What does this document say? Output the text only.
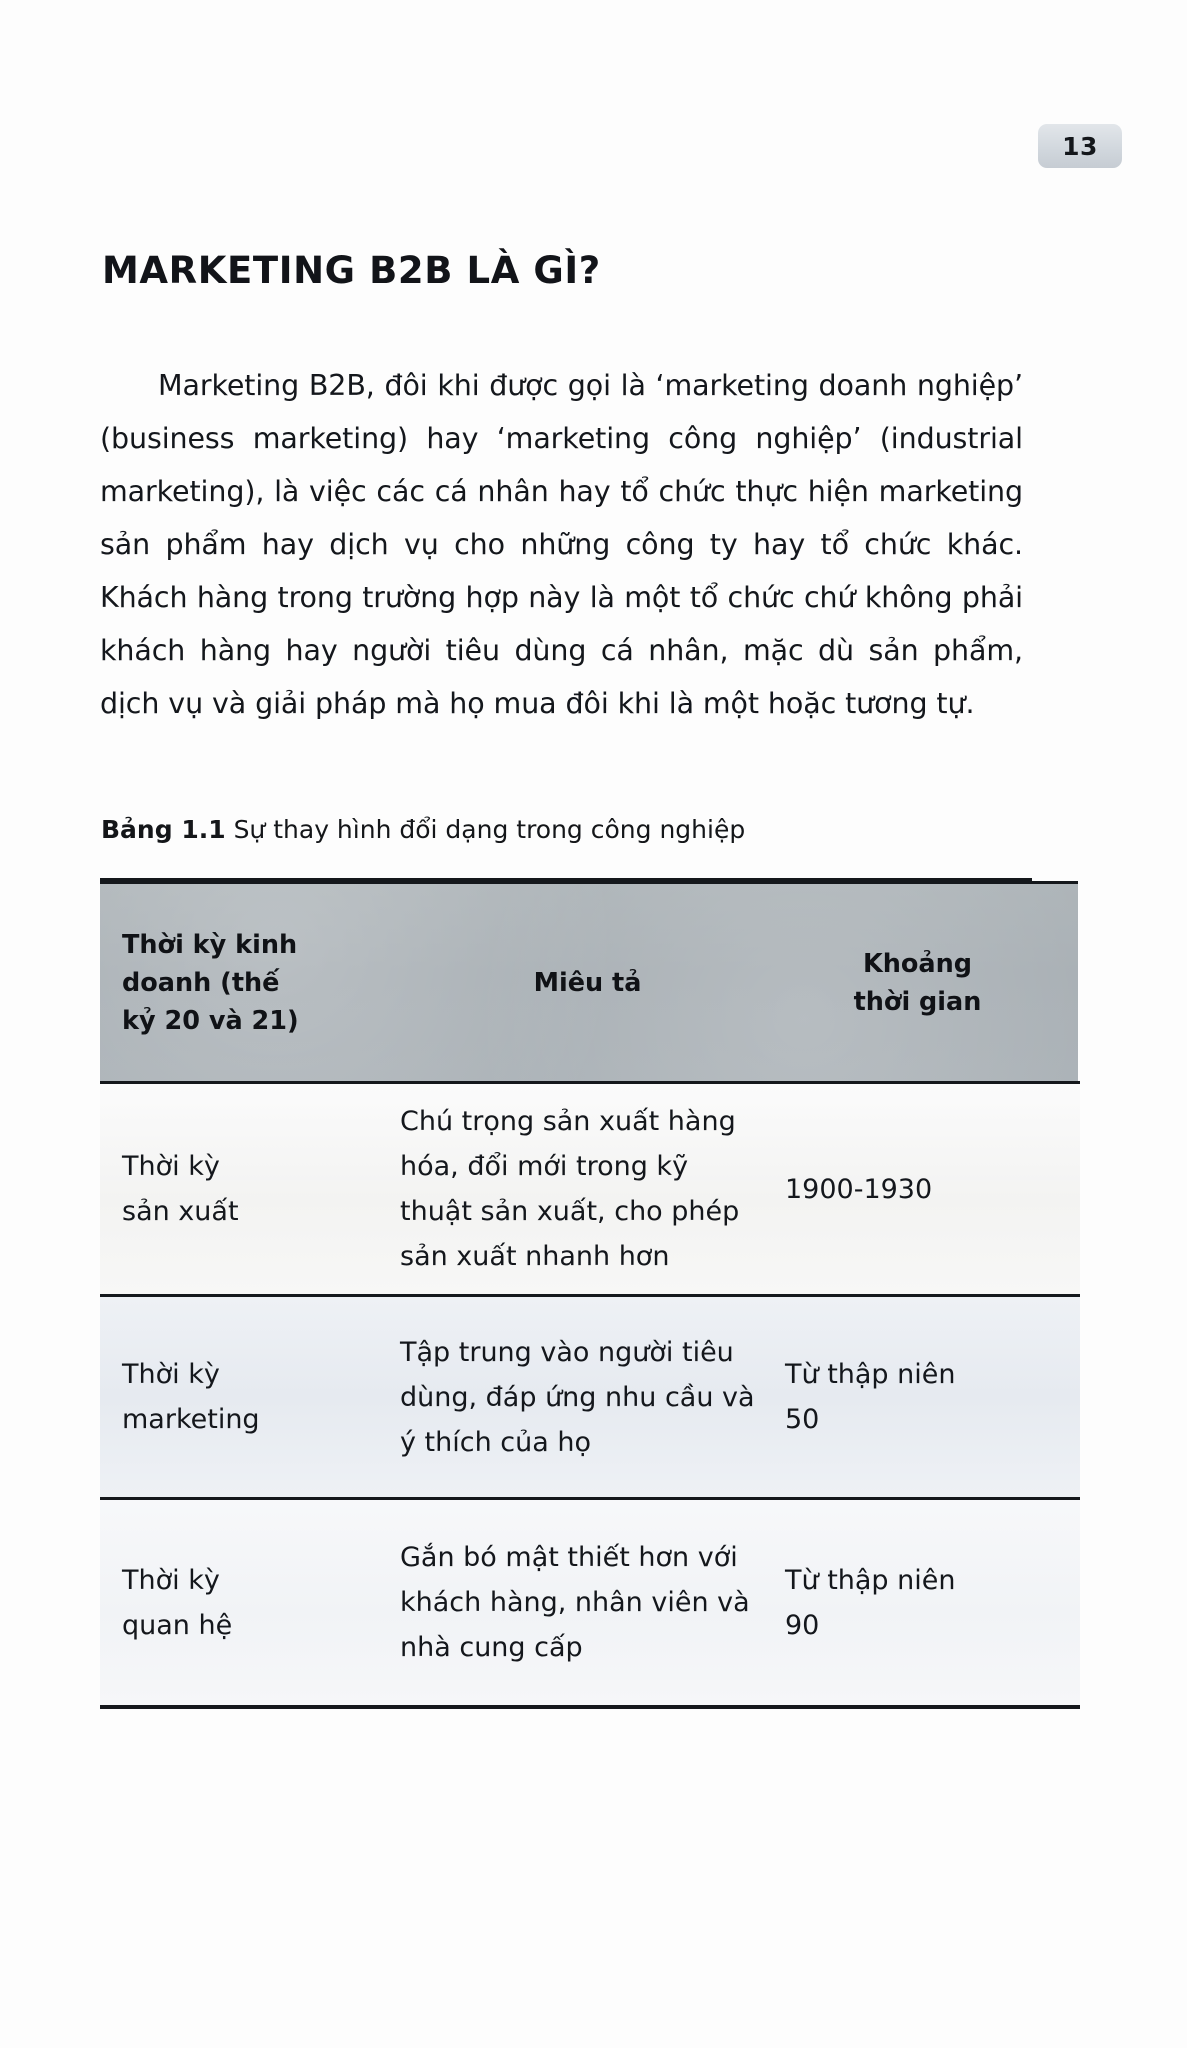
13
MARKETING B2B LÀ GÌ?

Marketing B2B, đôi khi được gọi là ‘marketing doanh nghiệp’ (business marketing) hay ‘marketing công nghiệp’ (industrial marketing), là việc các cá nhân hay tổ chức thực hiện marketing sản phẩm hay dịch vụ cho những công ty hay tổ chức khác. Khách hàng trong trường hợp này là một tổ chức chứ không phải khách hàng hay người tiêu dùng cá nhân, mặc dù sản phẩm, dịch vụ và giải pháp mà họ mua đôi khi là một hoặc tương tự.

Bảng 1.1 Sự thay hình đổi dạng trong công nghiệp
Thời kỳ kinh
doanh (thế
kỷ 20 và 21)
Miêu tả
Khoảng
thời gian
Thời kỳ
sản xuất
Chú trọng sản xuất hàng
hóa, đổi mới trong kỹ
thuật sản xuất, cho phép
sản xuất nhanh hơn
1900-1930
Thời kỳ
marketing
Tập trung vào người tiêu
dùng, đáp ứng nhu cầu và
ý thích của họ
Từ thập niên
50
Thời kỳ
quan hệ
Gắn bó mật thiết hơn với
khách hàng, nhân viên và
nhà cung cấp
Từ thập niên
90
